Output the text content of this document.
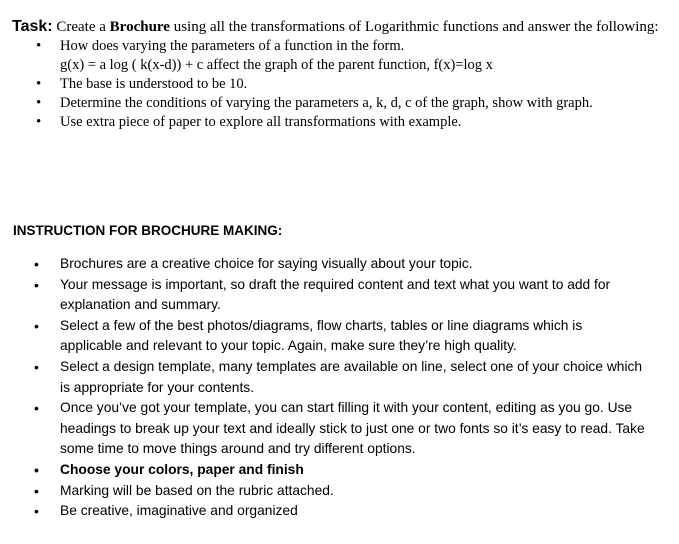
Task: Create a Brochure using all the transformations of Logarithmic functions and answer the following:
• How does varying the parameters of a function in the form.
g(x) = a log ( k(x-d)) + c affect the graph of the parent function, f(x)=log x
• The base is understood to be 10.
• Determine the conditions of varying the parameters a, k, d, c of the graph, show with graph.
• Use extra piece of paper to explore all transformations with example.
INSTRUCTION FOR BROCHURE MAKING:
• Brochures are a creative choice for saying visually about your topic.
• Your message is important, so draft the required content and text what you want to add for explanation and summary.
• Select a few of the best photos/diagrams, flow charts, tables or line diagrams which is applicable and relevant to your topic. Again, make sure they’re high quality.
• Select a design template, many templates are available on line, select one of your choice which is appropriate for your contents.
• Once you’ve got your template, you can start filling it with your content, editing as you go. Use headings to break up your text and ideally stick to just one or two fonts so it’s easy to read. Take some time to move things around and try different options.
• Choose your colors, paper and finish
• Marking will be based on the rubric attached.
• Be creative, imaginative and organized
